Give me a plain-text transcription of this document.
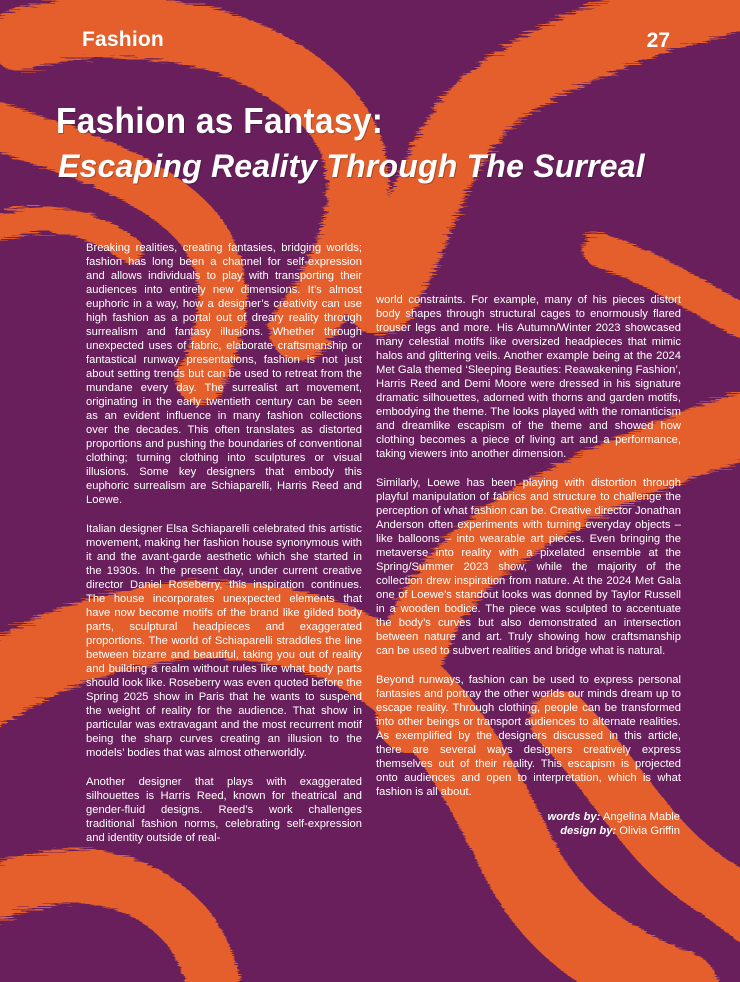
Fashion	27
Fashion as Fantasy:
Escaping Reality Through The Surreal

Breaking realities, creating fantasies, bridging worlds; fashion has long been a channel for self-expression and allows individuals to play with transporting their audiences into entirely new dimensions. It’s almost euphoric in a way, how a designer’s creativity can use high fashion as a portal out of dreary reality through surrealism and fantasy illusions. Whether through unexpected uses of fabric, elaborate craftsmanship or fantastical runway presentations, fashion is not just about setting trends but can be used to retreat from the mundane every day. The surrealist art movement, originating in the early twentieth century can be seen as an evident influence in many fashion collections over the decades. This often translates as distorted proportions and pushing the boundaries of conventional clothing; turning clothing into sculptures or visual illusions. Some key designers that embody this euphoric surrealism are Schiaparelli, Harris Reed and Loewe.

Italian designer Elsa Schiaparelli celebrated this artistic movement, making her fashion house synonymous with it and the avant-garde aesthetic which she started in the 1930s. In the present day, under current creative director Daniel Roseberry, this inspiration continues. The house incorporates unexpected elements that have now become motifs of the brand like gilded body parts, sculptural headpieces and exaggerated proportions. The world of Schiaparelli straddles the line between bizarre and beautiful, taking you out of reality and building a realm without rules like what body parts should look like. Roseberry was even quoted before the Spring 2025 show in Paris that he wants to suspend the weight of reality for the audience. That show in particular was extravagant and the most recurrent motif being the sharp curves creating an illusion to the models’ bodies that was almost otherworldly.

Another designer that plays with exaggerated silhouettes is Harris Reed, known for theatrical and gender-fluid designs. Reed’s work challenges traditional fashion norms, celebrating self-expression and identity outside of real-

world constraints. For example, many of his pieces distort body shapes through structural cages to enormously flared trouser legs and more. His Autumn/Winter 2023 showcased many celestial motifs like oversized headpieces that mimic halos and glittering veils. Another example being at the 2024 Met Gala themed ‘Sleeping Beauties: Reawakening Fashion’, Harris Reed and Demi Moore were dressed in his signature dramatic silhouettes, adorned with thorns and garden motifs, embodying the theme. The looks played with the romanticism and dreamlike escapism of the theme and showed how clothing becomes a piece of living art and a performance, taking viewers into another dimension.

Similarly, Loewe has been playing with distortion through playful manipulation of fabrics and structure to challenge the perception of what fashion can be. Creative director Jonathan Anderson often experiments with turning everyday objects – like balloons – into wearable art pieces. Even bringing the metaverse into reality with a pixelated ensemble at the Spring/Summer 2023 show, while the majority of the collection drew inspiration from nature. At the 2024 Met Gala one of Loewe’s standout looks was donned by Taylor Russell in a wooden bodice. The piece was sculpted to accentuate the body’s curves but also demonstrated an intersection between nature and art. Truly showing how craftsmanship can be used to subvert realities and bridge what is natural.

Beyond runways, fashion can be used to express personal fantasies and portray the other worlds our minds dream up to escape reality. Through clothing, people can be transformed into other beings or transport audiences to alternate realities. As exemplified by the designers discussed in this article, there are several ways designers creatively express themselves out of their reality. This escapism is projected onto audiences and open to interpretation, which is what fashion is all about.

words by: Angelina Mable
design by: Olivia Griffin
